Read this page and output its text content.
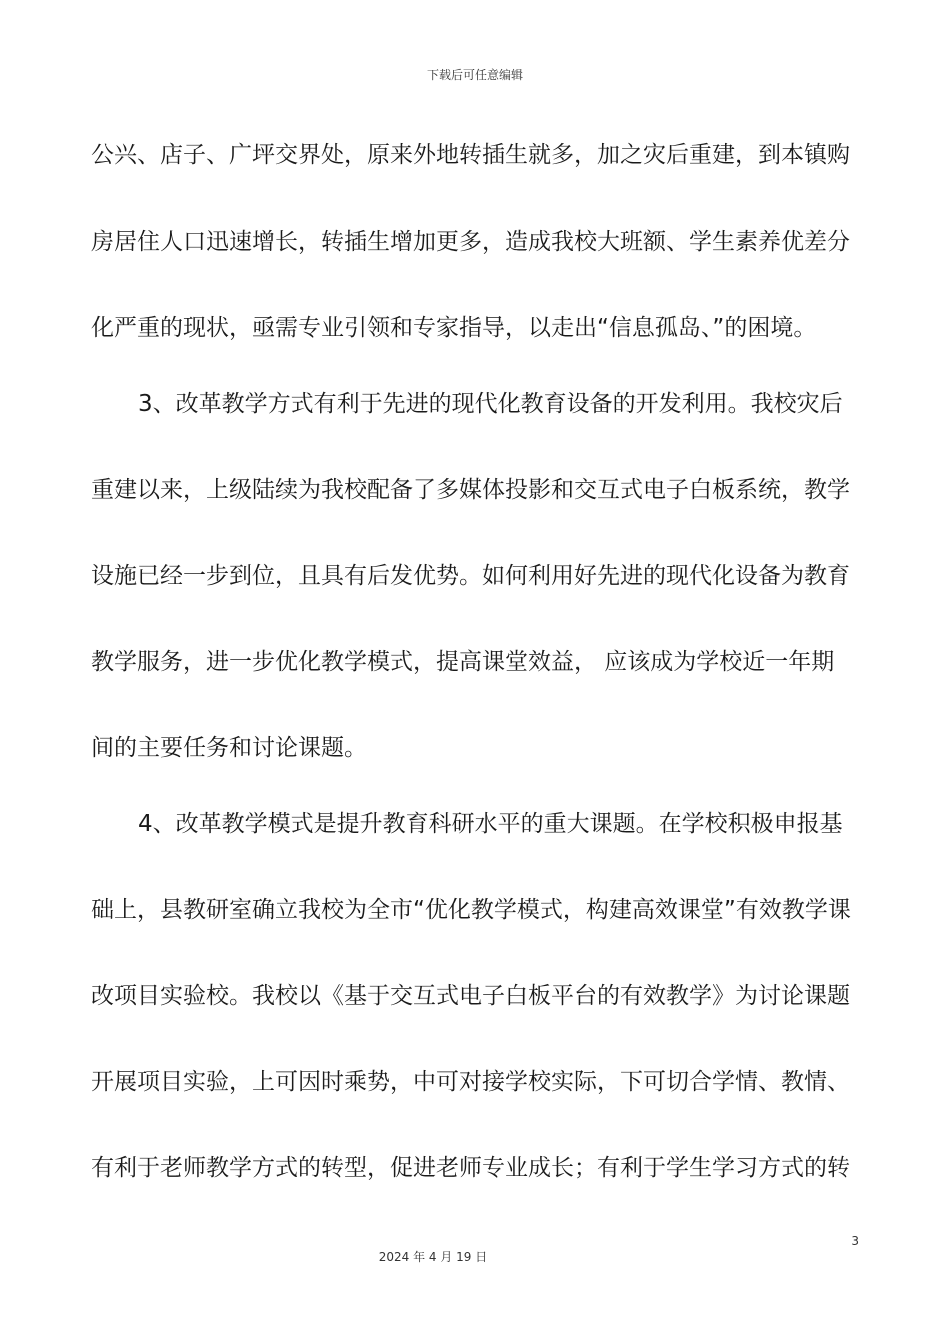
下载后可任意编辑
公兴、店子、广坪交界处，原来外地转插生就多，加之灾后重建，到本镇购
房居住人口迅速增长，转插生增加更多，造成我校大班额、学生素养优差分
化严重的现状，亟需专业引领和专家指导，以走出“信息孤岛、”的困境。
3、改革教学方式有利于先进的现代化教育设备的开发利用。我校灾后
重建以来，上级陆续为我校配备了多媒体投影和交互式电子白板系统，教学
设施已经一步到位，且具有后发优势。如何利用好先进的现代化设备为教育
教学服务，进一步优化教学模式，提高课堂效益， 应该成为学校近一年期
间的主要任务和讨论课题。
4、改革教学模式是提升教育科研水平的重大课题。在学校积极申报基
础上，县教研室确立我校为全市“优化教学模式，构建高效课堂”有效教学课
改项目实验校。我校以《基于交互式电子白板平台的有效教学》为讨论课题
开展项目实验，上可因时乘势，中可对接学校实际，下可切合学情、教情、
有利于老师教学方式的转型，促进老师专业成长；有利于学生学习方式的转
3
2024 年 4 月 19 日
